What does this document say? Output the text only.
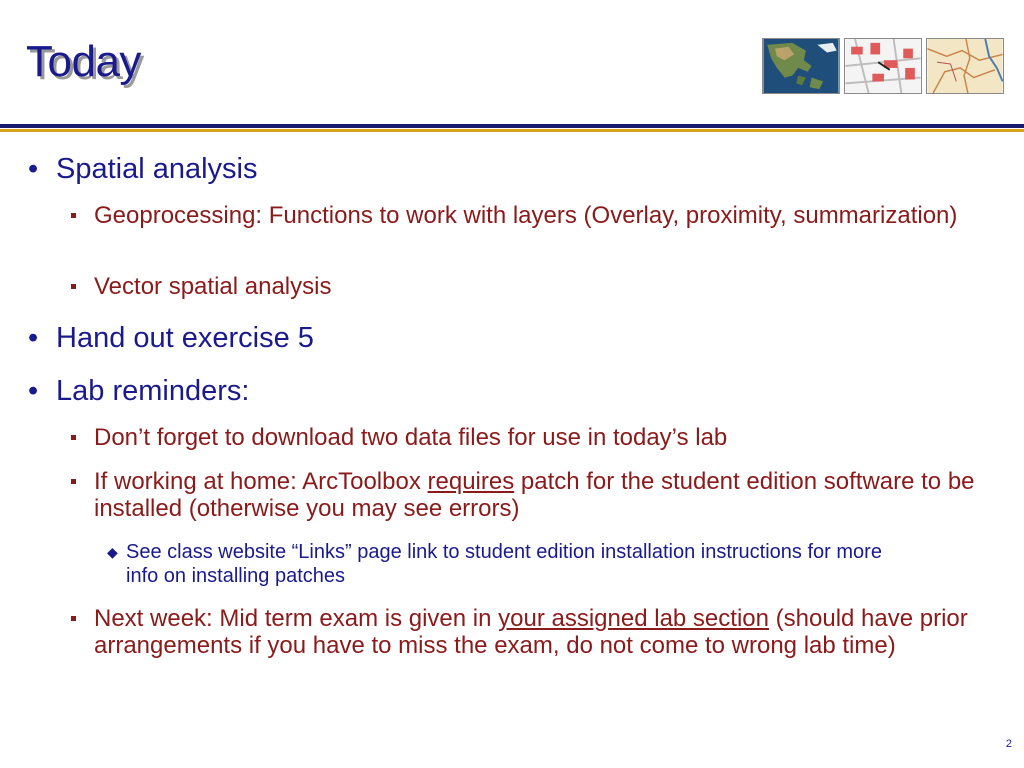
Today
• Spatial analysis
Geoprocessing: Functions to work with layers (Overlay, proximity, summarization)
Vector spatial analysis
• Hand out exercise 5
• Lab reminders:
Don’t forget to download two data files for use in today’s lab
If working at home: ArcToolbox requires patch for the student edition software to be installed (otherwise you may see errors)
◆ See class website “Links” page link to student edition installation instructions for more info on installing patches
Next week: Mid term exam is given in your assigned lab section (should have prior arrangements if you have to miss the exam, do not come to wrong lab time)
2
